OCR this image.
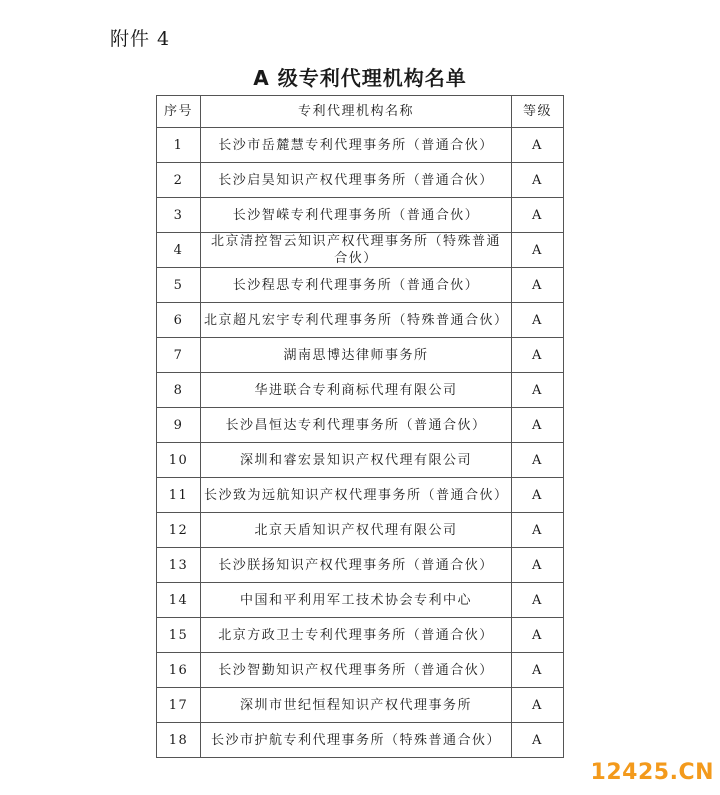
附件 4
A 级专利代理机构名单
序号	专利代理机构名称	等级
1	长沙市岳麓慧专利代理事务所（普通合伙）	A
2	长沙启昊知识产权代理事务所（普通合伙）	A
3	长沙智嵘专利代理事务所（普通合伙）	A
4	北京清控智云知识产权代理事务所（特殊普通合伙）	A
5	长沙程思专利代理事务所（普通合伙）	A
6	北京超凡宏宇专利代理事务所（特殊普通合伙）	A
7	湖南思博达律师事务所	A
8	华进联合专利商标代理有限公司	A
9	长沙昌恒达专利代理事务所（普通合伙）	A
10	深圳和睿宏景知识产权代理有限公司	A
11	长沙致为远航知识产权代理事务所（普通合伙）	A
12	北京天盾知识产权代理有限公司	A
13	长沙朕扬知识产权代理事务所（普通合伙）	A
14	中国和平利用军工技术协会专利中心	A
15	北京方政卫士专利代理事务所（普通合伙）	A
16	长沙智勤知识产权代理事务所（普通合伙）	A
17	深圳市世纪恒程知识产权代理事务所	A
18	长沙市护航专利代理事务所（特殊普通合伙）	A
12425.CN
